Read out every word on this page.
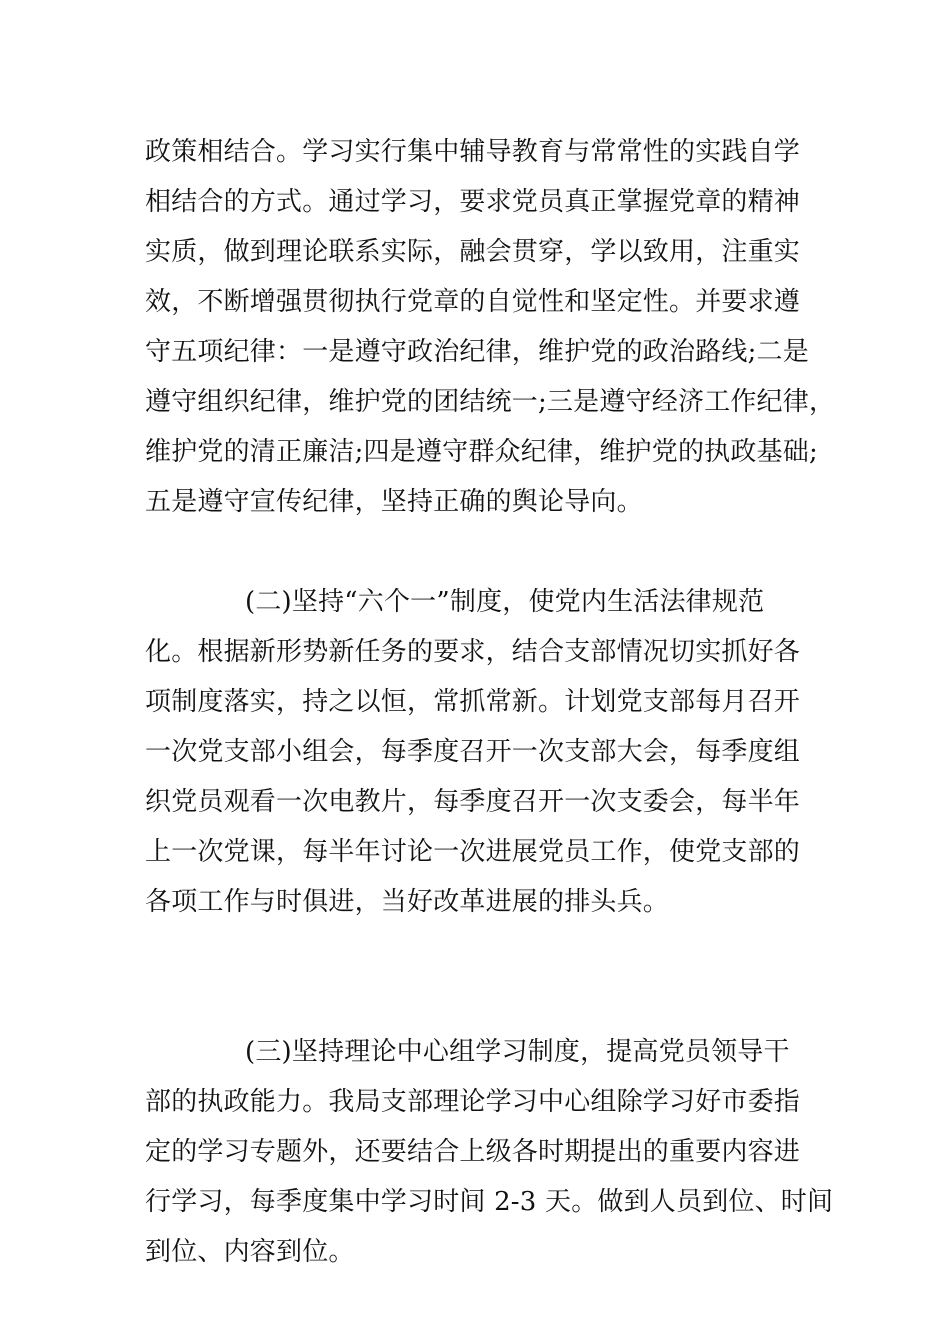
政策相结合。学习实行集中辅导教育与常常性的实践自学
相结合的方式。通过学习，要求党员真正掌握党章的精神
实质，做到理论联系实际，融会贯穿，学以致用，注重实
效，不断增强贯彻执行党章的自觉性和坚定性。并要求遵
守五项纪律：一是遵守政治纪律，维护党的政治路线;二是
遵守组织纪律，维护党的团结统一;三是遵守经济工作纪律，
维护党的清正廉洁;四是遵守群众纪律，维护党的执政基础;
五是遵守宣传纪律，坚持正确的舆论导向。
(二)坚持“六个一”制度，使党内生活法律规范
化。根据新形势新任务的要求，结合支部情况切实抓好各
项制度落实，持之以恒，常抓常新。计划党支部每月召开
一次党支部小组会，每季度召开一次支部大会，每季度组
织党员观看一次电教片，每季度召开一次支委会，每半年
上一次党课，每半年讨论一次进展党员工作，使党支部的
各项工作与时俱进，当好改革进展的排头兵。
(三)坚持理论中心组学习制度，提高党员领导干
部的执政能力。我局支部理论学习中心组除学习好市委指
定的学习专题外，还要结合上级各时期提出的重要内容进
行学习，每季度集中学习时间 2-3 天。做到人员到位、时间
到位、内容到位。
